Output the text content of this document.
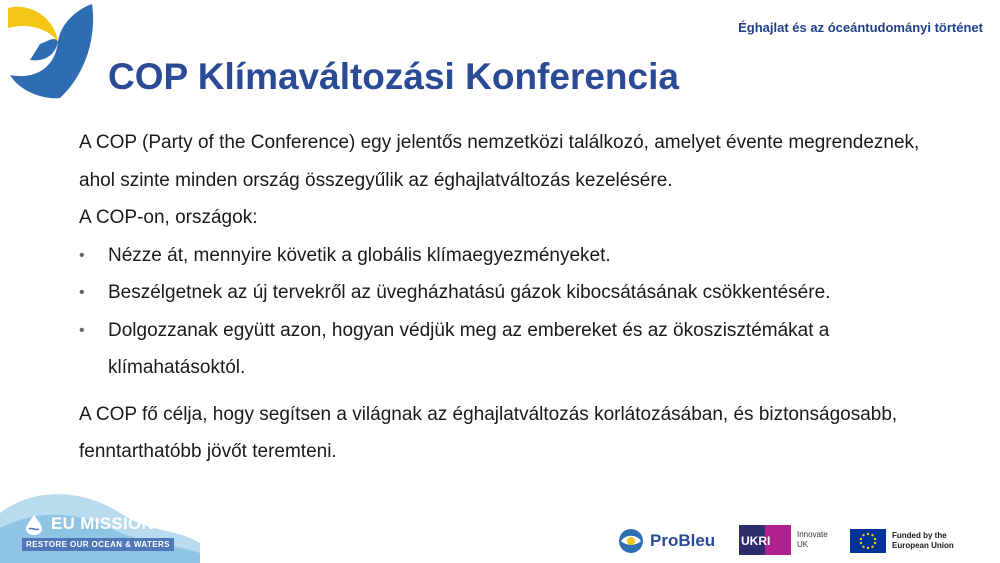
Éghajlat és az óceántudományi történet
COP Klímaváltozási Konferencia

A COP (Party of the Conference) egy jelentős nemzetközi találkozó, amelyet évente megrendeznek, ahol szinte minden ország összegyűlik az éghajlatváltozás kezelésére.

A COP-on, országok:

• Nézze át, mennyire követik a globális klímaegyezményeket.
• Beszélgetnek az új tervekről az üvegházhatású gázok kibocsátásának csökkentésére.
• Dolgozzanak együtt azon, hogyan védjük meg az embereket és az ökoszisztémákat a klímahatásoktól.

A COP fő célja, hogy segítsen a világnak az éghajlatváltozás korlátozásában, és biztonságosabb, fenntarthatóbb jövőt teremteni.

EU MISSIONS
RESTORE OUR OCEAN & WATERS	ProBleu UKRI	Innovate UK
Funded by the European Union
